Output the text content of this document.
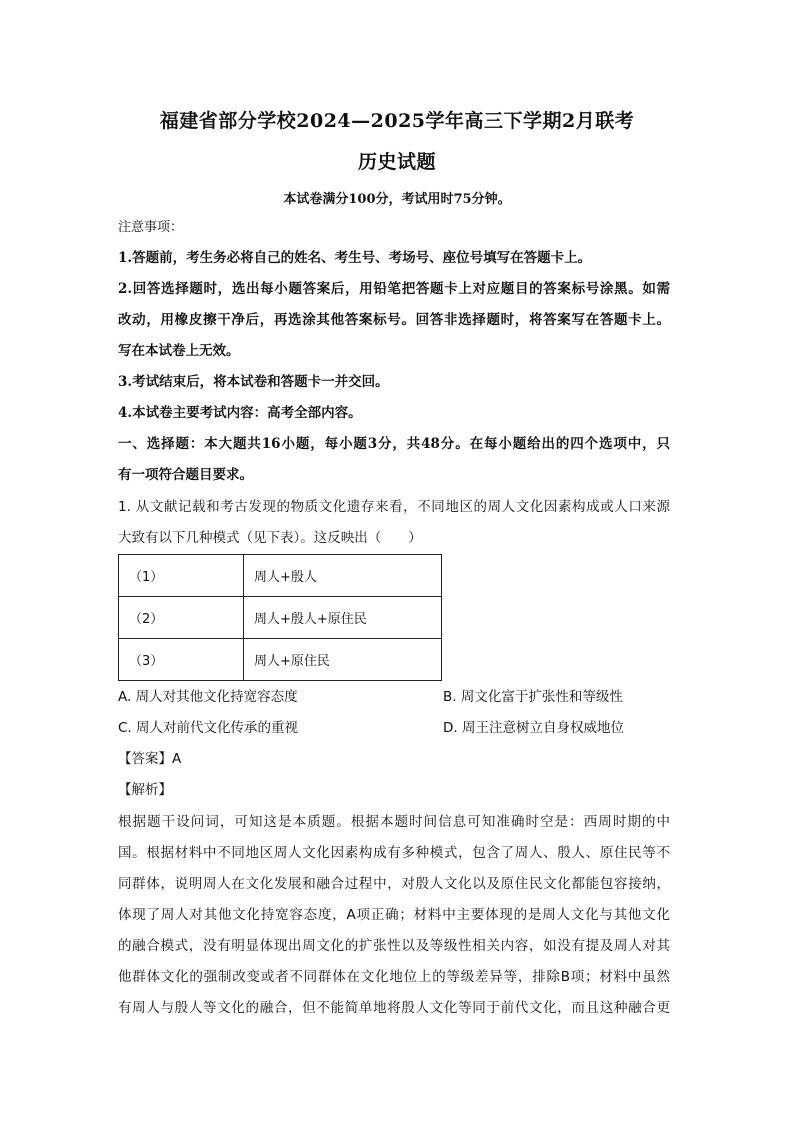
福建省部分学校2024—2025学年高三下学期2月联考
历史试题
本试卷满分100分，考试用时75分钟。
注意事项：
1.答题前，考生务必将自己的姓名、考生号、考场号、座位号填写在答题卡上。
2.回答选择题时，选出每小题答案后，用铅笔把答题卡上对应题目的答案标号涂黑。如需
改动，用橡皮擦干净后，再选涂其他答案标号。回答非选择题时，将答案写在答题卡上。
写在本试卷上无效。
3.考试结束后，将本试卷和答题卡一并交回。
4.本试卷主要考试内容：高考全部内容。
一、选择题：本大题共16小题，每小题3分，共48分。在每小题给出的四个选项中，只
有一项符合题目要求。
1. 从文献记载和考古发现的物质文化遗存来看，不同地区的周人文化因素构成或人口来源
大致有以下几种模式（见下表）。这反映出（　　）
（1）	周人+殷人
（2）	周人+殷人+原住民
（3）	周人+原住民
A. 周人对其他文化持宽容态度	B. 周文化富于扩张性和等级性
C. 周人对前代文化传承的重视	D. 周王注意树立自身权威地位
【答案】A
【解析】
根据题干设问词，可知这是本质题。根据本题时间信息可知准确时空是：西周时期的中
国。根据材料中不同地区周人文化因素构成有多种模式，包含了周人、殷人、原住民等不
同群体，说明周人在文化发展和融合过程中，对殷人文化以及原住民文化都能包容接纳，
体现了周人对其他文化持宽容态度，A项正确；材料中主要体现的是周人文化与其他文化
的融合模式，没有明显体现出周文化的扩张性以及等级性相关内容，如没有提及周人对其
他群体文化的强制改变或者不同群体在文化地位上的等级差异等，排除B项；材料中虽然
有周人与殷人等文化的融合，但不能简单地将殷人文化等同于前代文化，而且这种融合更
